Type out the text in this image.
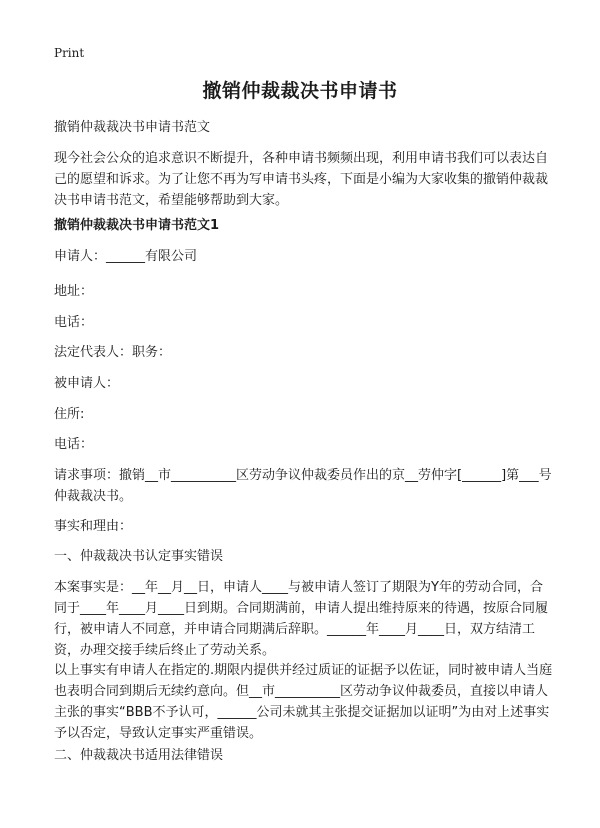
Print
撤销仲裁裁决书申请书
撤销仲裁裁决书申请书范文
现今社会公众的追求意识不断提升，各种申请书频频出现，利用申请书我们可以表达自己的愿望和诉求。为了让您不再为写申请书头疼，下面是小编为大家收集的撤销仲裁裁决书申请书范文，希望能够帮助到大家。
撤销仲裁裁决书申请书范文1
申请人：______有限公司
地址：
电话：
法定代表人：职务：
被申请人：
住所:
电话：
请求事项：撤销__市__________区劳动争议仲裁委员作出的京__劳仲字[______]第___号仲裁裁决书。
事实和理由：
一、仲裁裁决书认定事实错误
本案事实是：__年__月__日，申请人____与被申请人签订了期限为Y年的劳动合同，合同于____年____月____日到期。合同期满前，申请人提出维持原来的待遇，按原合同履行，被申请人不同意，并申请合同期满后辞职。______年____月____日，双方结清工资，办理交接手续后终止了劳动关系。
以上事实有申请人在指定的.期限内提供并经过质证的证据予以佐证，同时被申请人当庭也表明合同到期后无续约意向。但__市__________区劳动争议仲裁委员，直接以申请人主张的事实“BBB不予认可，______公司未就其主张提交证据加以证明”为由对上述事实予以否定，导致认定事实严重错误。
二、仲裁裁决书适用法律错误
